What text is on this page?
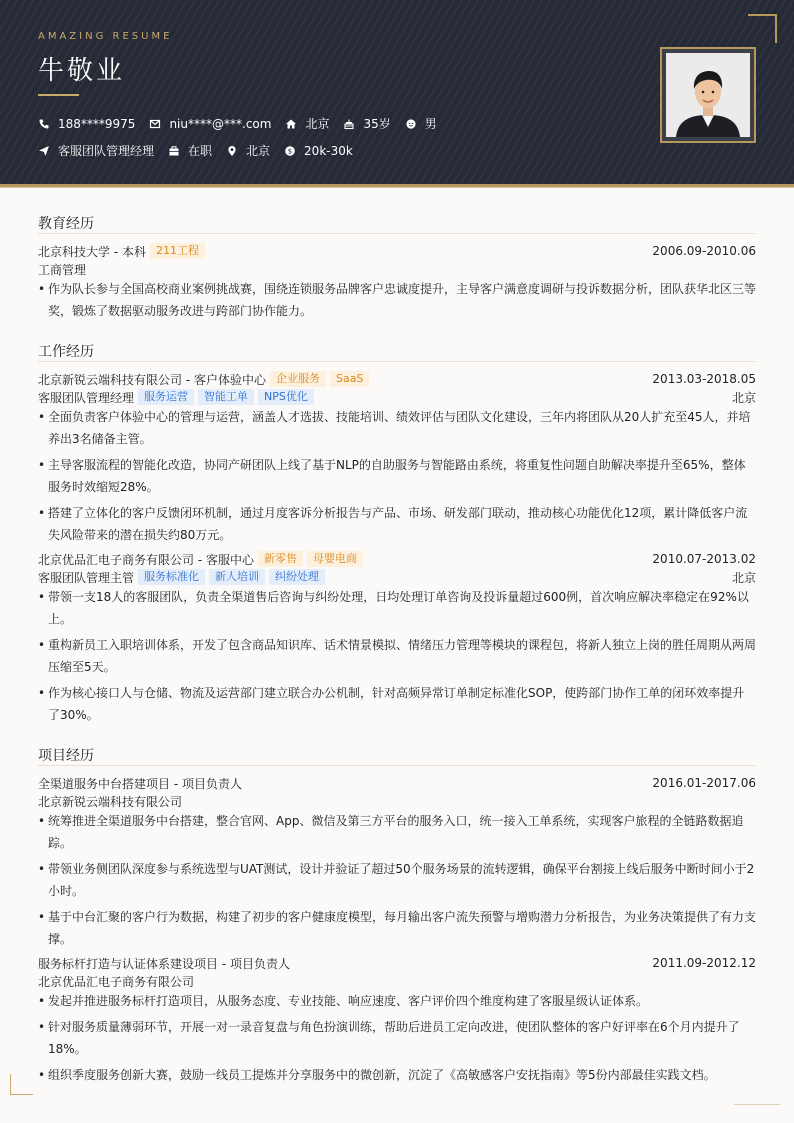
AMAZING RESUME
牛敬业
188****9975	niu****@***.com	北京	35岁	男
客服团队管理经理	在职	北京	$ 20k-30k
教育经历
北京科技大学 - 本科 211工程	2006.09-2010.06
工商管理
• 作为队长参与全国高校商业案例挑战赛，围绕连锁服务品牌客户忠诚度提升，主导客户满意度调研与投诉数据分析，团队获华北区三等奖，锻炼了数据驱动服务改进与跨部门协作能力。
工作经历
北京新锐云端科技有限公司 - 客户体验中心 企业服务	SaaS	2013.03-2018.05
客服团队管理经理 服务运营	智能工单	NPS优化	北京
• 全面负责客户体验中心的管理与运营，涵盖人才选拔、技能培训、绩效评估与团队文化建设，三年内将团队从20人扩充至45人，并培养出3名储备主管。
• 主导客服流程的智能化改造，协同产研团队上线了基于NLP的自助服务与智能路由系统，将重复性问题自助解决率提升至65%，整体服务时效缩短28%。
• 搭建了立体化的客户反馈闭环机制，通过月度客诉分析报告与产品、市场、研发部门联动，推动核心功能优化12项，累计降低客户流失风险带来的潜在损失约80万元。
北京优品汇电子商务有限公司 - 客服中心 新零售	母婴电商	2010.07-2013.02
客服团队管理主管 服务标准化	新人培训	纠纷处理	北京
• 带领一支18人的客服团队，负责全渠道售后咨询与纠纷处理，日均处理订单咨询及投诉量超过600例，首次响应解决率稳定在92%以上。
• 重构新员工入职培训体系，开发了包含商品知识库、话术情景模拟、情绪压力管理等模块的课程包，将新人独立上岗的胜任周期从两周压缩至5天。
• 作为核心接口人与仓储、物流及运营部门建立联合办公机制，针对高频异常订单制定标准化SOP，使跨部门协作工单的闭环效率提升了30%。
项目经历
全渠道服务中台搭建项目 - 项目负责人	2016.01-2017.06
北京新锐云端科技有限公司
• 统筹推进全渠道服务中台搭建，整合官网、App、微信及第三方平台的服务入口，统一接入工单系统，实现客户旅程的全链路数据追踪。
• 带领业务侧团队深度参与系统选型与UAT测试，设计并验证了超过50个服务场景的流转逻辑，确保平台割接上线后服务中断时间小于2小时。
• 基于中台汇聚的客户行为数据，构建了初步的客户健康度模型，每月输出客户流失预警与增购潜力分析报告，为业务决策提供了有力支撑。
服务标杆打造与认证体系建设项目 - 项目负责人	2011.09-2012.12
北京优品汇电子商务有限公司
• 发起并推进服务标杆打造项目，从服务态度、专业技能、响应速度、客户评价四个维度构建了客服星级认证体系。
• 针对服务质量薄弱环节，开展一对一录音复盘与角色扮演训练，帮助后进员工定向改进，使团队整体的客户好评率在6个月内提升了18%。
• 组织季度服务创新大赛，鼓励一线员工提炼并分享服务中的微创新，沉淀了《高敏感客户安抚指南》等5份内部最佳实践文档。
